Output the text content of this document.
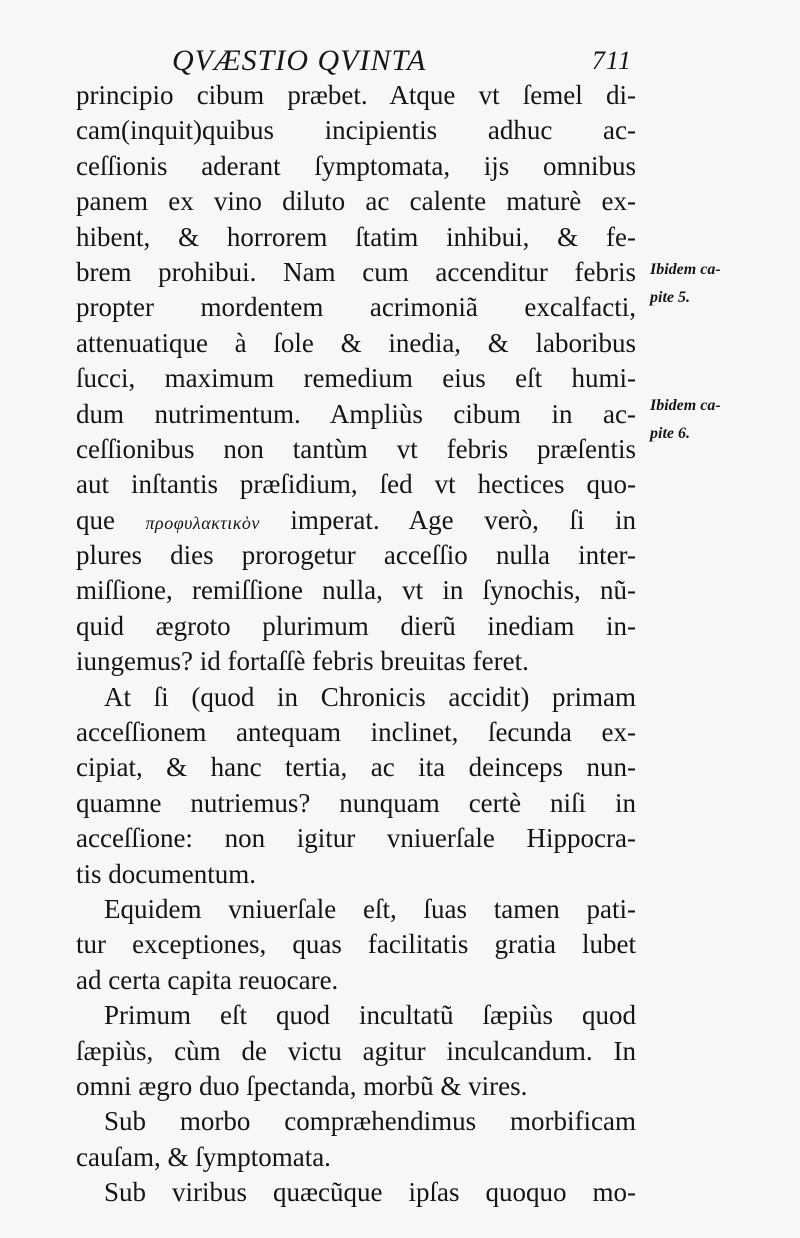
QVÆSTIO QVINTA	711
principio cibum præbet. Atque vt ſemel di-
cam(inquit)quibus incipientis adhuc ac-
ceſſionis aderant ſymptomata, ijs omnibus
panem ex vino diluto ac calente maturè ex-
hibent, & horrorem ſtatim inhibui, & fe-
brem prohibui. Nam cum accenditur febris
propter mordentem acrimoniã excalfacti,
attenuatique à ſole & inedia, & laboribus
ſucci, maximum remedium eius eſt humi-
dum nutrimentum. Ampliùs cibum in ac-
ceſſionibus non tantùm vt febris præſentis
aut inſtantis præſidium, ſed vt hectices quo-
que προφυλακτικὸν imperat. Age verò, ſi in
plures dies prorogetur acceſſio nulla inter-
miſſione, remiſſione nulla, vt in ſynochis, nũ-
quid ægroto plurimum dierũ inediam in-
iungemus? id fortaſſè febris breuitas feret.
At ſi (quod in Chronicis accidit) primam
acceſſionem antequam inclinet, ſecunda ex-
cipiat, & hanc tertia, ac ita deinceps nun-
quamne nutriemus? nunquam certè niſi in
acceſſione: non igitur vniuerſale Hippocra-
tis documentum.
Equidem vniuerſale eſt, ſuas tamen pati-
tur exceptiones, quas facilitatis gratia lubet
ad certa capita reuocare.
Primum eſt quod incultatũ ſæpiùs quod
ſæpiùs, cùm de victu agitur inculcandum. In
omni ægro duo ſpectanda, morbũ & vires.
Sub morbo compræhendimus morbificam
cauſam, & ſymptomata.
Sub viribus quæcũque ipſas quoquo mo-
Ibidem ca-
pite 5.
Ibidem ca-
pite 6.
